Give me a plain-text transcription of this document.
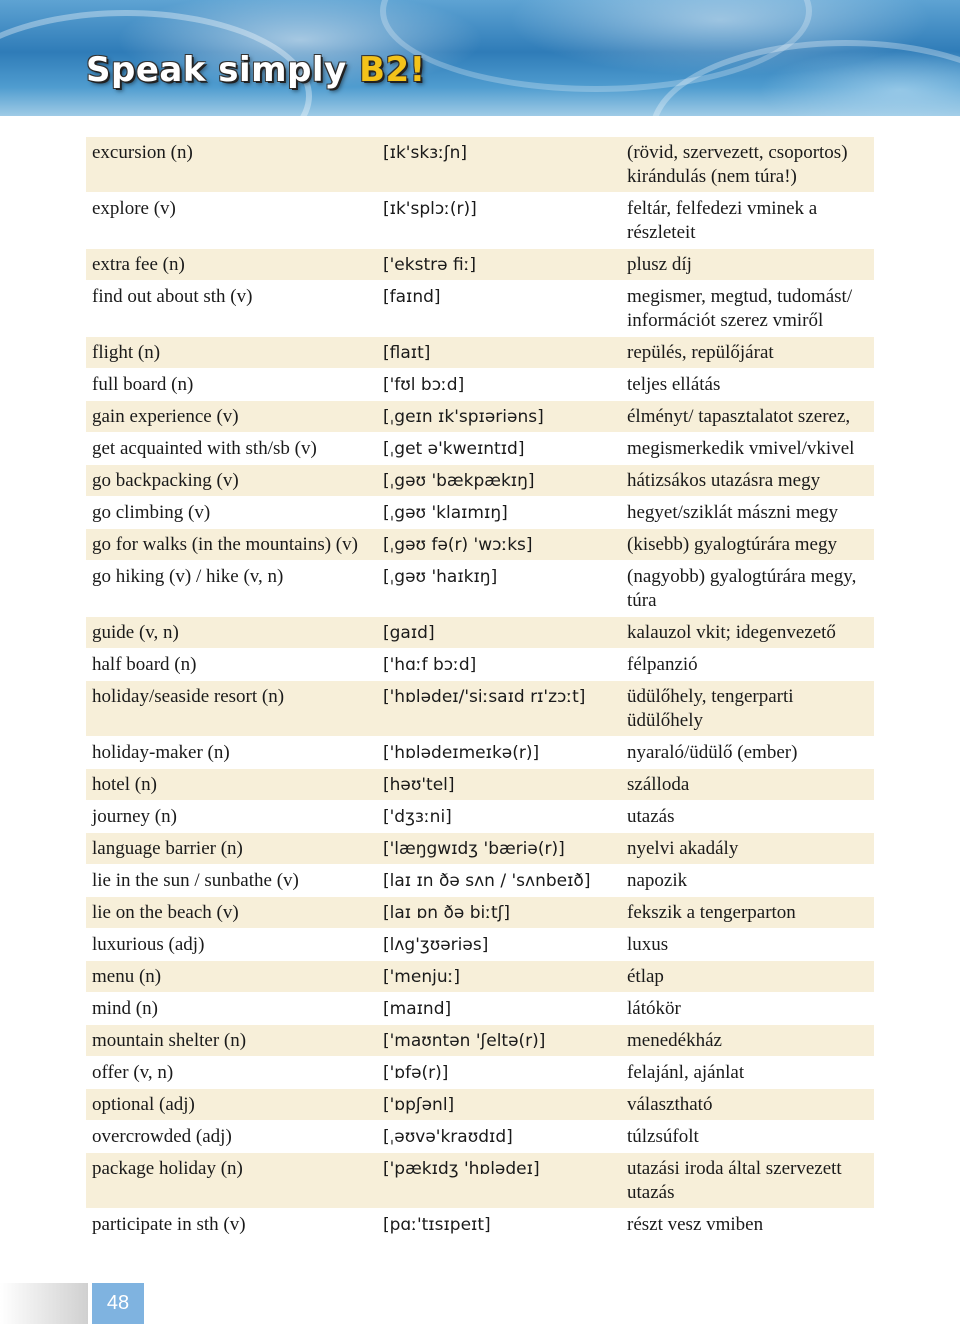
Speak simply B2!
excursion (n)	[ɪk'skɜːʃn]	(rövid, szervezett, csoportos) kirándulás (nem túra!)
explore (v)	[ɪk'splɔː(r)]	feltár, felfedezi vminek a részleteit
extra fee (n)	['ekstrə fiː]	plusz díj
find out about sth (v)	[faɪnd]	megismer, megtud, tudomást/ információt szerez vmiről
flight (n)	[flaɪt]	repülés, repülőjárat
full board (n)	['fʊl bɔːd]	teljes ellátás
gain experience (v)	[ˌgeɪn ɪk'spɪəriəns]	élményt/ tapasztalatot szerez,
get acquainted with sth/sb (v)	[ˌget ə'kweɪntɪd]	megismerkedik vmivel/vkivel
go backpacking (v)	[ˌgəʊ 'bækpækɪŋ]	hátizsákos utazásra megy
go climbing (v)	[ˌgəʊ 'klaɪmɪŋ]	hegyet/sziklát mászni megy
go for walks (in the mountains) (v)	[ˌgəʊ fə(r) 'wɔːks]	(kisebb) gyalogtúrára megy
go hiking (v) / hike (v, n)	[ˌgəʊ 'haɪkɪŋ]	(nagyobb) gyalogtúrára megy, túra
guide (v, n)	[gaɪd]	kalauzol vkit; idegenvezető
half board (n)	['hɑːf bɔːd]	félpanzió
holiday/seaside resort (n)	['hɒlədeɪ/'siːsaɪd rɪ'zɔːt]	üdülőhely, tengerparti üdülőhely
holiday-maker (n)	['hɒlədeɪmeɪkə(r)]	nyaraló/üdülő (ember)
hotel (n)	[həʊ'tel]	szálloda
journey (n)	['dʒɜːni]	utazás
language barrier (n)	['læŋgwɪdʒ 'bæriə(r)]	nyelvi akadály
lie in the sun / sunbathe (v)	[laɪ ɪn ðə sʌn / 'sʌnbeɪð]	napozik
lie on the beach (v)	[laɪ ɒn ðə biːtʃ]	fekszik a tengerparton
luxurious (adj)	[lʌg'ʒʊəriəs]	luxus
menu (n)	['menjuː]	étlap
mind (n)	[maɪnd]	látókör
mountain shelter (n)	['maʊntən 'ʃeltə(r)]	menedékház
offer (v, n)	['ɒfə(r)]	felajánl, ajánlat
optional (adj)	['ɒpʃənl]	választható
overcrowded (adj)	[ˌəʊvə'kraʊdɪd]	túlzsúfolt
package holiday (n)	['pækɪdʒ 'hɒlədeɪ]	utazási iroda által szervezett utazás
participate in sth (v)	[pɑː'tɪsɪpeɪt]	részt vesz vmiben
48
